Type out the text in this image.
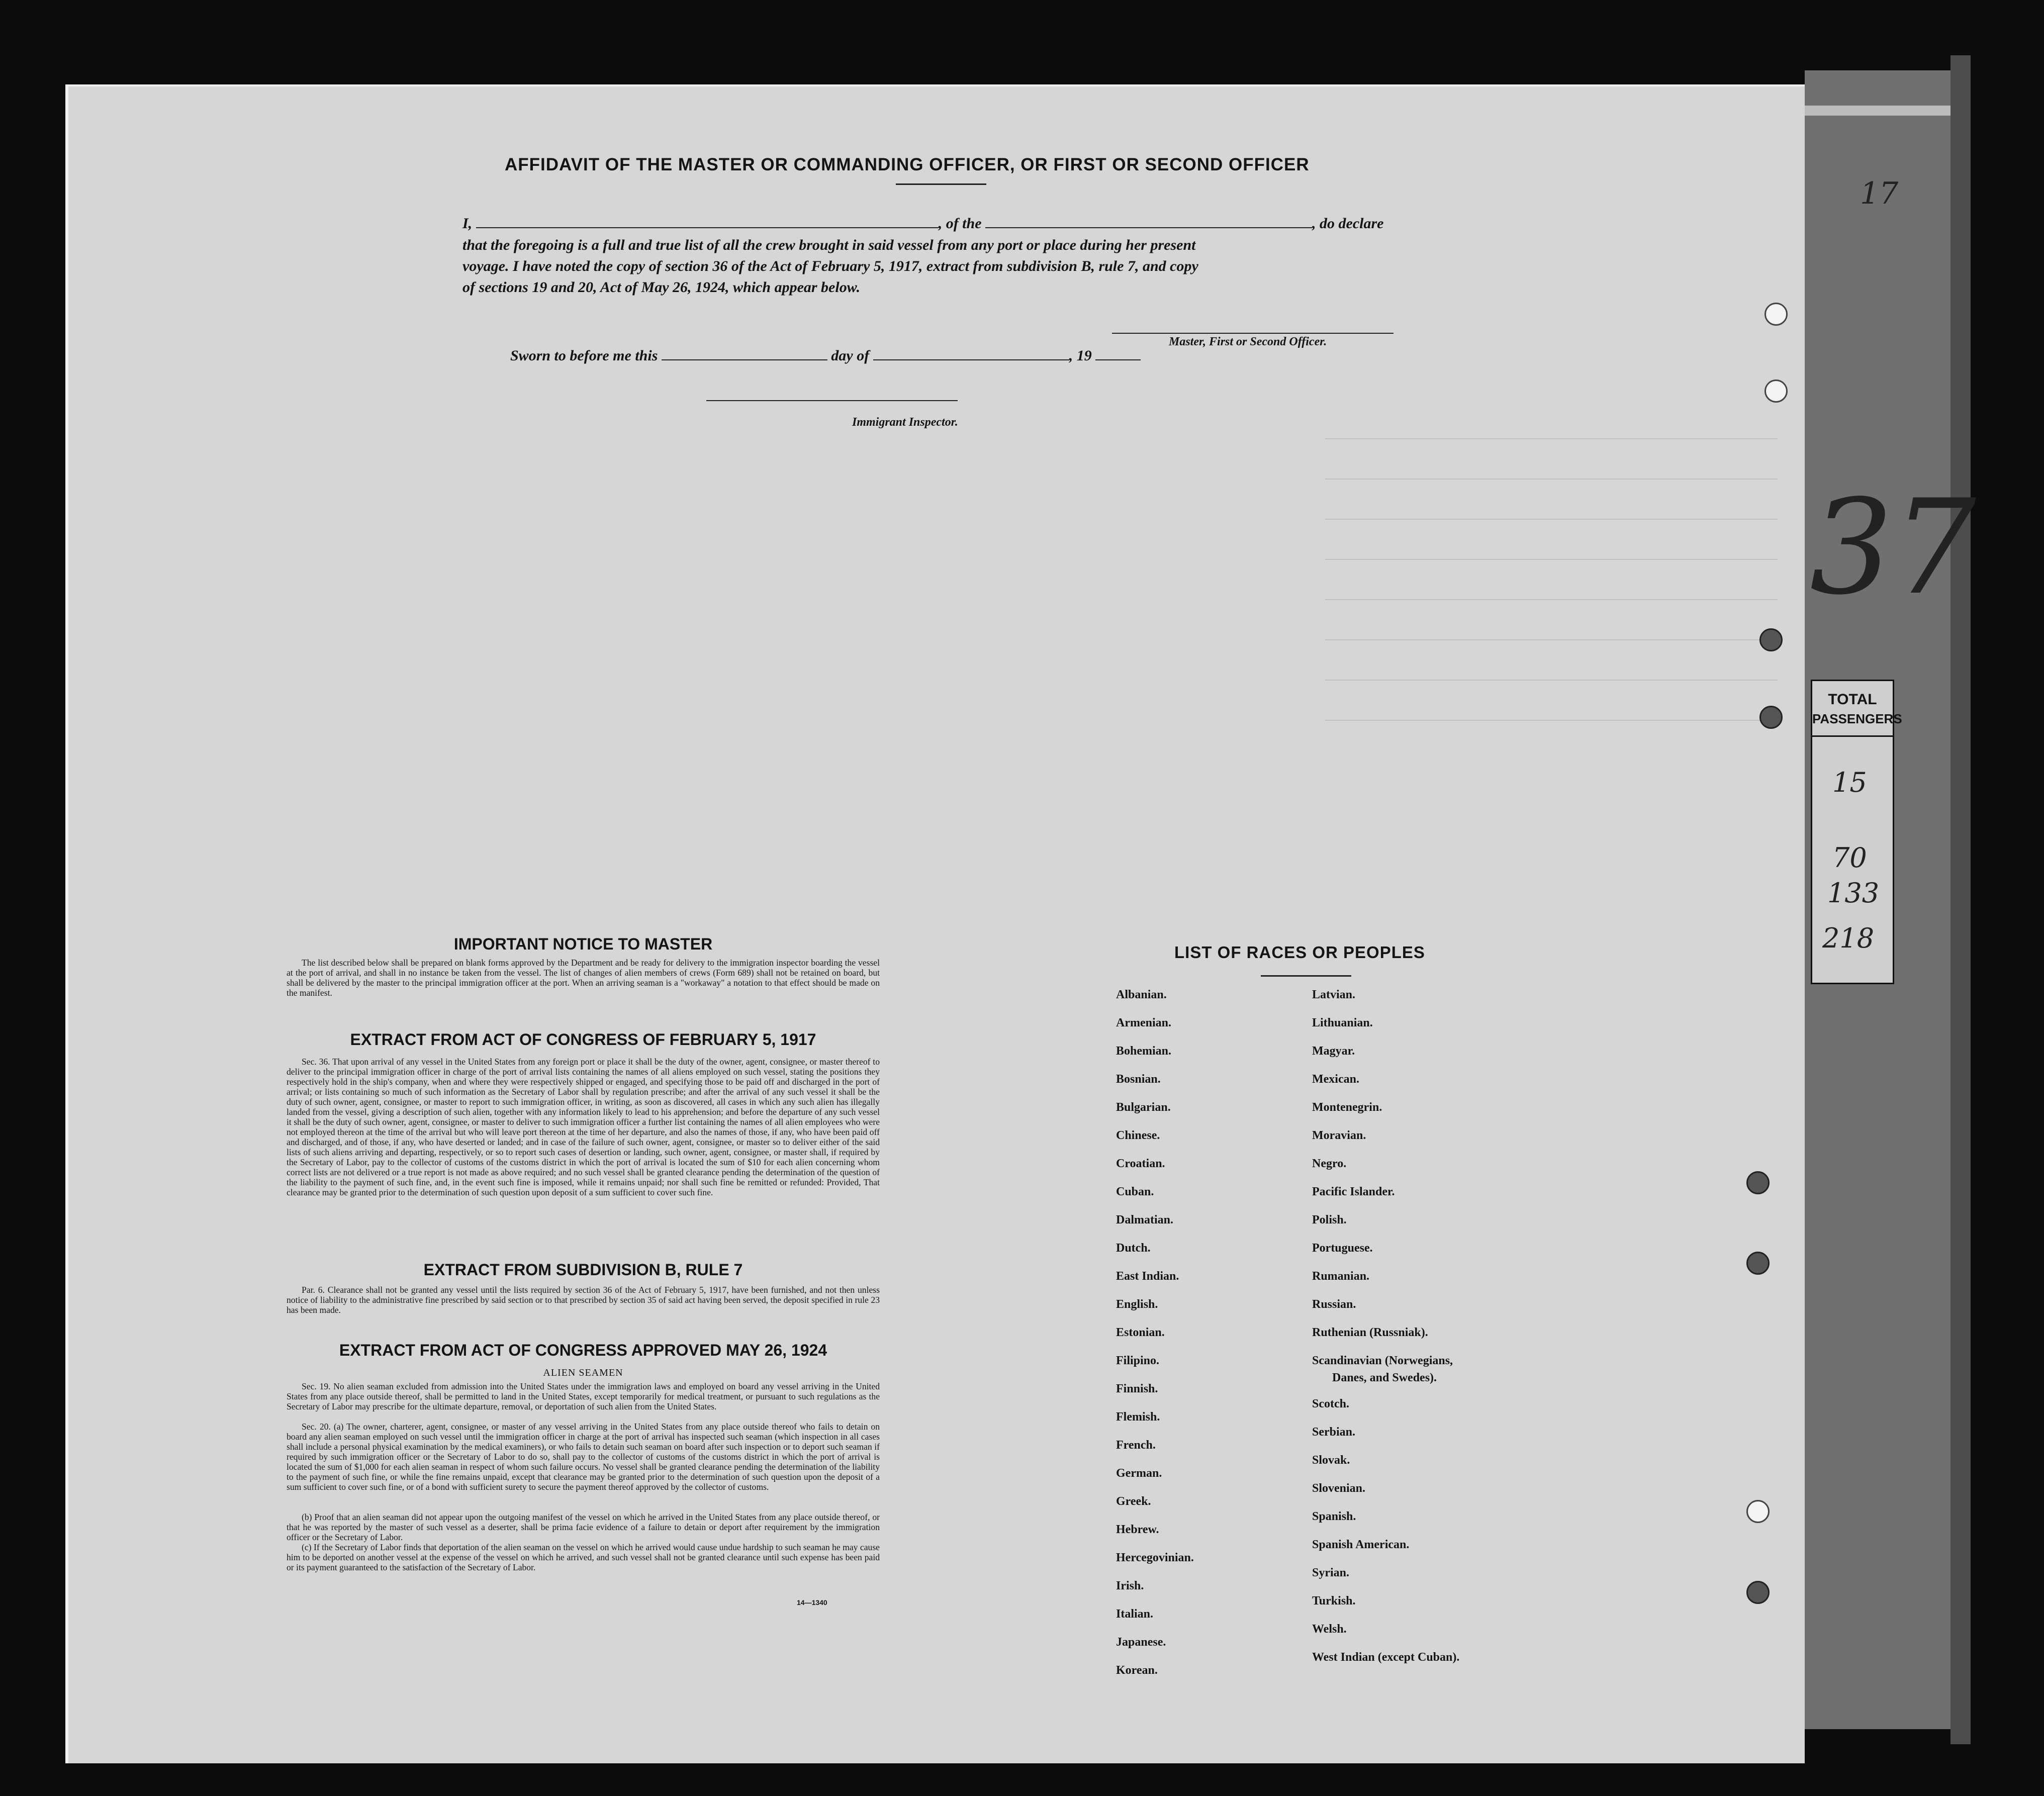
TOTAL
PASSENGERS
15
70
133
218
AFFIDAVIT OF THE MASTER OR COMMANDING OFFICER, OR FIRST OR SECOND OFFICER
I,	, of the	, do declare
that the foregoing is a full and true list of all the crew brought in said vessel from any port or place during her present
voyage. I have noted the copy of section 36 of the Act of February 5, 1917, extract from subdivision B, rule 7, and copy
of sections 19 and 20, Act of May 26, 1924, which appear below.
Master, First or Second Officer.
Sworn to before me this	day of	, 19
Immigrant Inspector.
IMPORTANT NOTICE TO MASTER
The list described below shall be prepared on blank forms approved by the Department and be ready for delivery to the immigration inspector boarding the vessel at the port of arrival, and shall in no instance be taken from the vessel. The list of changes of alien members of crews (Form 689) shall not be retained on board, but shall be delivered by the master to the principal immigration officer at the port. When an arriving seaman is a "workaway" a notation to that effect should be made on the manifest.
EXTRACT FROM ACT OF CONGRESS OF FEBRUARY 5, 1917
Sec. 36. That upon arrival of any vessel in the United States from any foreign port or place it shall be the duty of the owner, agent, consignee, or master thereof to deliver to the principal immigration officer in charge of the port of arrival lists containing the names of all aliens employed on such vessel, stating the positions they respectively hold in the ship's company, when and where they were respectively shipped or engaged, and specifying those to be paid off and discharged in the port of arrival; or lists containing so much of such information as the Secretary of Labor shall by regulation prescribe; and after the arrival of any such vessel it shall be the duty of such owner, agent, consignee, or master to report to such immigration officer, in writing, as soon as discovered, all cases in which any such alien has illegally landed from the vessel, giving a description of such alien, together with any information likely to lead to his apprehension; and before the departure of any such vessel it shall be the duty of such owner, agent, consignee, or master to deliver to such immigration officer a further list containing the names of all alien employees who were not employed thereon at the time of the arrival but who will leave port thereon at the time of her departure, and also the names of those, if any, who have been paid off and discharged, and of those, if any, who have deserted or landed; and in case of the failure of such owner, agent, consignee, or master so to deliver either of the said lists of such aliens arriving and departing, respectively, or so to report such cases of desertion or landing, such owner, agent, consignee, or master shall, if required by the Secretary of Labor, pay to the collector of customs of the customs district in which the port of arrival is located the sum of $10 for each alien concerning whom correct lists are not delivered or a true report is not made as above required; and no such vessel shall be granted clearance pending the determination of the question of the liability to the payment of such fine, and, in the event such fine is imposed, while it remains unpaid; nor shall such fine be remitted or refunded: Provided, That clearance may be granted prior to the determination of such question upon deposit of a sum sufficient to cover such fine.
EXTRACT FROM SUBDIVISION B, RULE 7
Par. 6. Clearance shall not be granted any vessel until the lists required by section 36 of the Act of February 5, 1917, have been furnished, and not then unless notice of liability to the administrative fine prescribed by said section or to that prescribed by section 35 of said act having been served, the deposit specified in rule 23 has been made.
EXTRACT FROM ACT OF CONGRESS APPROVED MAY 26, 1924
ALIEN SEAMEN
Sec. 19. No alien seaman excluded from admission into the United States under the immigration laws and employed on board any vessel arriving in the United States from any place outside thereof, shall be permitted to land in the United States, except temporarily for medical treatment, or pursuant to such regulations as the Secretary of Labor may prescribe for the ultimate departure, removal, or deportation of such alien from the United States.
Sec. 20. (a) The owner, charterer, agent, consignee, or master of any vessel arriving in the United States from any place outside thereof who fails to detain on board any alien seaman employed on such vessel until the immigration officer in charge at the port of arrival has inspected such seaman (which inspection in all cases shall include a personal physical examination by the medical examiners), or who fails to detain such seaman on board after such inspection or to deport such seaman if required by such immigration officer or the Secretary of Labor to do so, shall pay to the collector of customs of the customs district in which the port of arrival is located the sum of $1,000 for each alien seaman in respect of whom such failure occurs. No vessel shall be granted clearance pending the determination of the liability to the payment of such fine, or while the fine remains unpaid, except that clearance may be granted prior to the determination of such question upon the deposit of a sum sufficient to cover such fine, or of a bond with sufficient surety to secure the payment thereof approved by the collector of customs.
(b) Proof that an alien seaman did not appear upon the outgoing manifest of the vessel on which he arrived in the United States from any place outside thereof, or that he was reported by the master of such vessel as a deserter, shall be prima facie evidence of a failure to detain or deport after requirement by the immigration officer or the Secretary of Labor.
(c) If the Secretary of Labor finds that deportation of the alien seaman on the vessel on which he arrived would cause undue hardship to such seaman he may cause him to be deported on another vessel at the expense of the vessel on which he arrived, and such vessel shall not be granted clearance until such expense has been paid or its payment guaranteed to the satisfaction of the Secretary of Labor.
14—1340
LIST OF RACES OR PEOPLES
Albanian.
Armenian.
Bohemian.
Bosnian.
Bulgarian.
Chinese.
Croatian.
Cuban.
Dalmatian.
Dutch.
East Indian.
English.
Estonian.
Filipino.
Finnish.
Flemish.
French.
German.
Greek.
Hebrew.
Hercegovinian.
Irish.
Italian.
Japanese.
Korean.
Latvian.
Lithuanian.
Magyar.
Mexican.
Montenegrin.
Moravian.
Negro.
Pacific Islander.
Polish.
Portuguese.
Rumanian.
Russian.
Ruthenian (Russniak).
Scandinavian (Norwegians,
Danes, and Swedes).
Scotch.
Serbian.
Slovak.
Slovenian.
Spanish.
Spanish American.
Syrian.
Turkish.
Welsh.
West Indian (except Cuban).
37
17
